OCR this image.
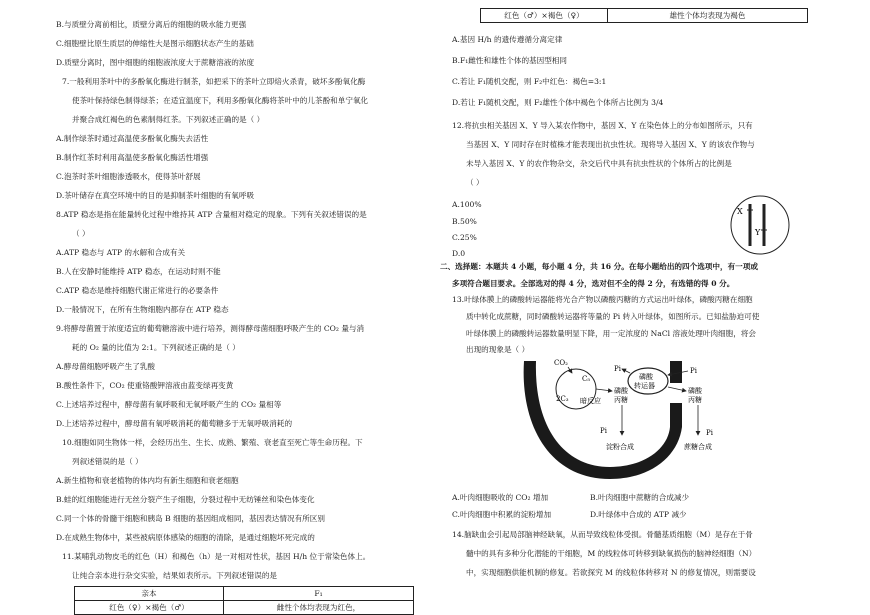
B.与质壁分离前相比，质壁分离后的细胞的吸水能力更强
C.细胞壁比原生质层的伸缩性大是图示细胞状态产生的基础
D.质壁分离时，图中细胞的细胞液浓度大于蔗糖溶液的浓度
7.一般利用茶叶中的多酚氧化酶进行制茶，如把采下的茶叶立即焙火杀青，破坏多酚氧化酶
使茶叶保持绿色制得绿茶；在适宜温度下，利用多酚氧化酶将茶叶中的儿茶酚和单宁氧化
并聚合成红褐色的色素制得红茶。下列叙述正确的是（ ）
A.制作绿茶时通过高温使多酚氧化酶失去活性
B.制作红茶时利用高温使多酚氧化酶活性增强
C.泡茶时茶叶细胞渗透吸水，使得茶叶舒展
D.茶叶储存在真空环境中的目的是抑制茶叶细胞的有氧呼吸
8.ATP 稳态是指在能量转化过程中维持其 ATP 含量相对稳定的现象。下列有关叙述错误的是
（ ）
A.ATP 稳态与 ATP 的水解和合成有关
B.人在安静时能维持 ATP 稳态，在运动时则不能
C.ATP 稳态是维持细胞代谢正常进行的必要条件
D.一般情况下，在所有生物细胞内都存在 ATP 稳态
9.将酵母菌置于浓度适宜的葡萄糖溶液中进行培养，测得酵母菌细胞呼吸产生的 CO₂ 量与消
耗的 O₂ 量的比值为 2:1。下列叙述正确的是（ ）
A.酵母菌细胞呼吸产生了乳酸
B.酸性条件下，CO₂ 使重铬酸钾溶液由蓝变绿再变黄
C.上述培养过程中，酵母菌有氧呼吸和无氧呼吸产生的 CO₂ 量相等
D.上述培养过程中，酵母菌有氧呼吸消耗的葡萄糖多于无氧呼吸消耗的
10.细胞如同生物体一样，会经历出生、生长、成熟、繁殖、衰老直至死亡等生命历程。下
列叙述错误的是（ ）
A.新生植物和衰老植物的体内均有新生细胞和衰老细胞
B.蛙的红细胞能进行无丝分裂产生子细胞，分裂过程中无纺锤丝和染色体变化
C.同一个体的骨髓干细胞和胰岛 B 细胞的基因组成相同，基因表达情况有所区别
D.在成熟生物体中，某些被病原体感染的细胞的清除，是通过细胞坏死完成的
11.某哺乳动物皮毛的红色（H）和褐色（h）是一对相对性状，基因 H/h 位于常染色体上。
让纯合亲本进行杂交实验，结果如表所示。下列叙述错误的是
亲本	F₁
红色（♀）×褐色（♂）	雌性个体均表现为红色，
红色（♂）×褐色（♀）	雄性个体均表现为褐色
A.基因 H/h 的遗传遵循分离定律
B.F₁雌性和雄性个体的基因型相同
C.若让 F₁随机交配，则 F₂中红色：褐色=3:1
D.若让 F₁随机交配，则 F₂雄性个体中褐色个体所占比例为 3/4
12.将抗虫相关基因 X、Y 导入某农作物中，基因 X、Y 在染色体上的分布如图所示，只有
当基因 X、Y 同时存在时植株才能表现出抗虫性状。现将导入基因 X、Y 的该农作物与
未导入基因 X、Y 的农作物杂交，杂交后代中具有抗虫性状的个体所占的比例是
（ ）
A.100%
B.50%
C.25%
D.0
二、选择题：本题共 4 小题，每小题 4 分，共 16 分。在每小题给出的四个选项中，有一项或
多项符合题目要求。全部选对的得 4 分，选对但不全的得 2 分，有选错的得 0 分。
13.叶绿体膜上的磷酸转运器能将光合产物以磷酸丙糖的方式运出叶绿体，磷酸丙糖在细胞
质中转化成蔗糖，同时磷酸转运器将等量的 Pi 转入叶绿体，如图所示。已知盐胁迫可使
叶绿体膜上的磷酸转运器数量明显下降，用一定浓度的 NaCl 溶液处理叶肉细胞，将会
出现的现象是（ ）
A.叶肉细胞吸收的 CO₂ 增加	B.叶肉细胞中蔗糖的合成减少
C.叶肉细胞中积累的淀粉增加	D.叶绿体中合成的 ATP 减少
14.脑缺血会引起局部脑神经缺氧，从而导致线粒体受损。骨髓基质细胞（M）是存在于骨
髓中的具有多种分化潜能的干细胞，M 的线粒体可转移到缺氧损伤的脑神经细胞（N）
中，实现细胞供能机制的修复。若欲探究 M 的线粒体转移对 N 的修复情况，则需要设
X
Y
磷酸
转运器
CO₂
C₅
2C₃ 暗反应
磷酸
丙糖
Pi
淀粉合成
Pi	Pi
磷酸
丙糖
Pi
蔗糖合成
